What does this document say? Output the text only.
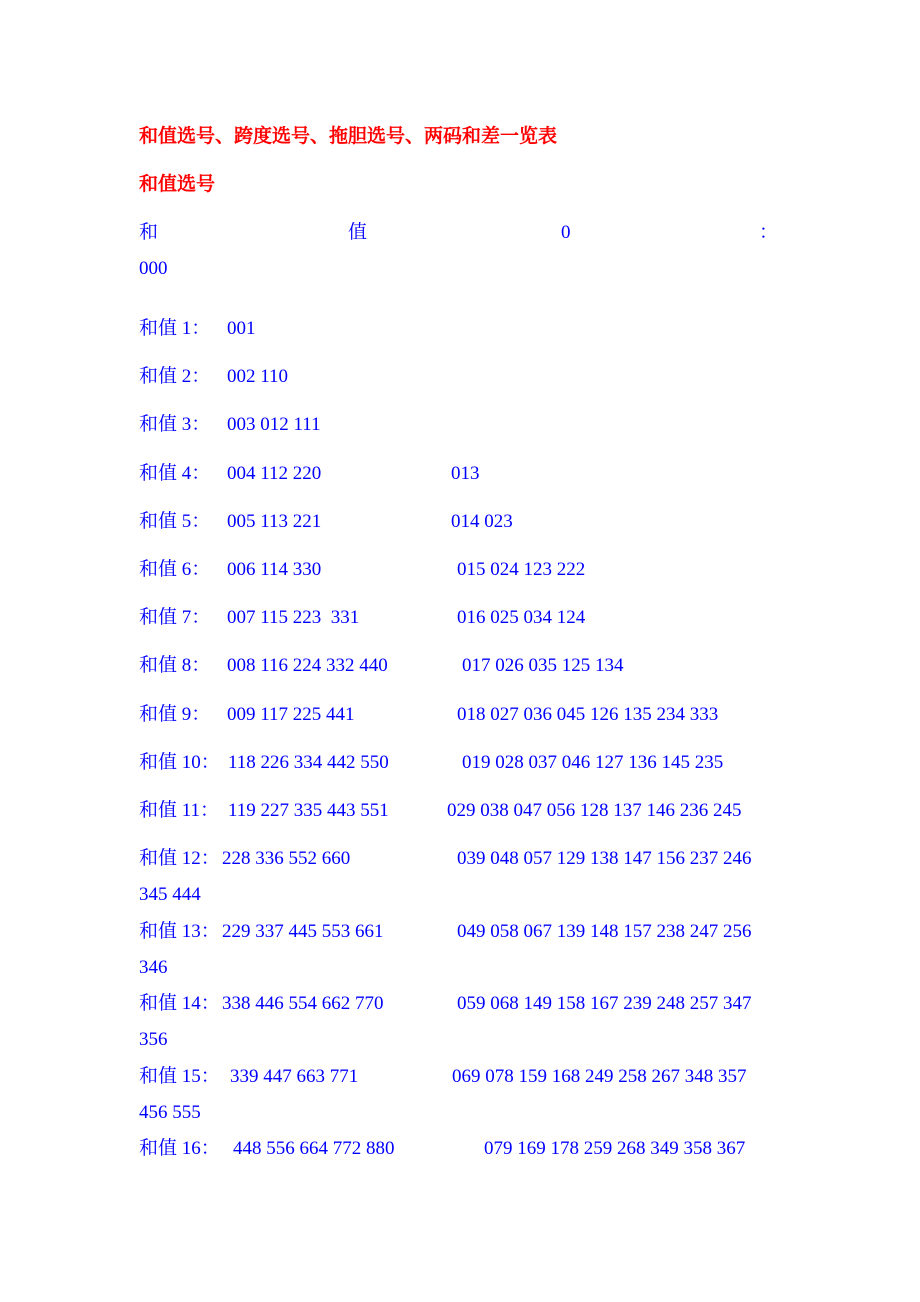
和值选号、跨度选号、拖胆选号、两码和差一览表
和值选号
和	值	0	：
000
和值 1： 001
和值 2： 002 110
和值 3： 003 012 111
和值 4： 004 112 220	013
和值 5： 005 113 221	014 023
和值 6： 006 114 330	015 024 123 222
和值 7： 007 115 223  331	016 025 034 124
和值 8： 008 116 224 332 440	017 026 035 125 134
和值 9： 009 117 225 441	018 027 036 045 126 135 234 333
和值 10： 118 226 334 442 550	019 028 037 046 127 136 145 235
和值 11： 119 227 335 443 551	029 038 047 056 128 137 146 236 245
和值 12： 228 336 552 660	039 048 057 129 138 147 156 237 246
345 444
和值 13： 229 337 445 553 661	049 058 067 139 148 157 238 247 256
346
和值 14： 338 446 554 662 770	059 068 149 158 167 239 248 257 347
356
和值 15： 339 447 663 771	069 078 159 168 249 258 267 348 357
456 555
和值 16： 448 556 664 772 880	079 169 178 259 268 349 358 367
